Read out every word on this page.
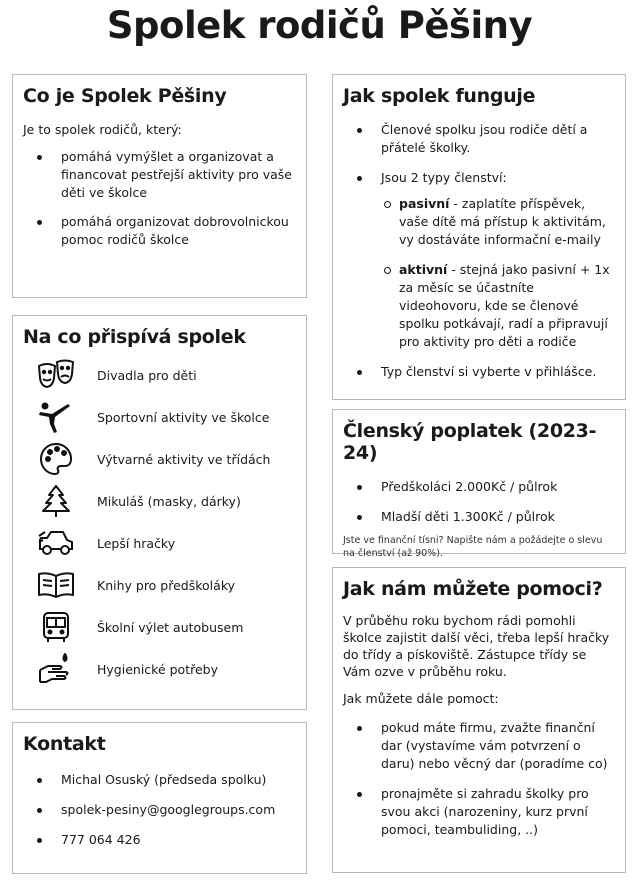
Spolek rodičů Pěšiny
Co je Spolek Pěšiny

Je to spolek rodičů, který:

pomáhá vymýšlet a organizovat a financovat pestřejší aktivity pro vaše děti ve školce
pomáhá organizovat dobrovolnickou pomoc rodičů školce
Na co přispívá spolek
Divadla pro děti
Sportovní aktivity ve školce
Výtvarné aktivity ve třídách
Mikuláš (masky, dárky)
Lepší hračky
Knihy pro předškoláky
Školní výlet autobusem
Hygienické potřeby
Kontakt
Michal Osuský (předseda spolku)
spolek-pesiny@googlegroups.com
777 064 426
Jak spolek funguje
Členové spolku jsou rodiče dětí a přátelé školky.
Jsou 2 typy členství:
pasivní - zaplatíte příspěvek, vaše dítě má přístup k aktivitám, vy dostáváte informační e-maily
aktivní - stejná jako pasivní + 1x za měsíc se účastníte videohovoru, kde se členové spolku potkávají, radí a připravují pro aktivity pro děti a rodiče
Typ členství si vyberte v přihlášce.
Členský poplatek (2023-24)
Předškoláci 2.000Kč / půlrok
Mladší děti 1.300Kč / půlrok

Jste ve finanční tísni? Napište nám a požádejte o slevu na členství (až 90%).

Jak nám můžete pomoci?

V průběhu roku bychom rádi pomohli školce zajistit další věci, třeba lepší hračky do třídy a pískoviště. Zástupce třídy se Vám ozve v průběhu roku.

Jak můžete dále pomoct:

pokud máte firmu, zvažte finanční dar (vystavíme vám potvrzení o daru) nebo věcný dar (poradíme co)
pronajměte si zahradu školky pro svou akci (narozeniny, kurz první pomoci, teambuliding, ..)
